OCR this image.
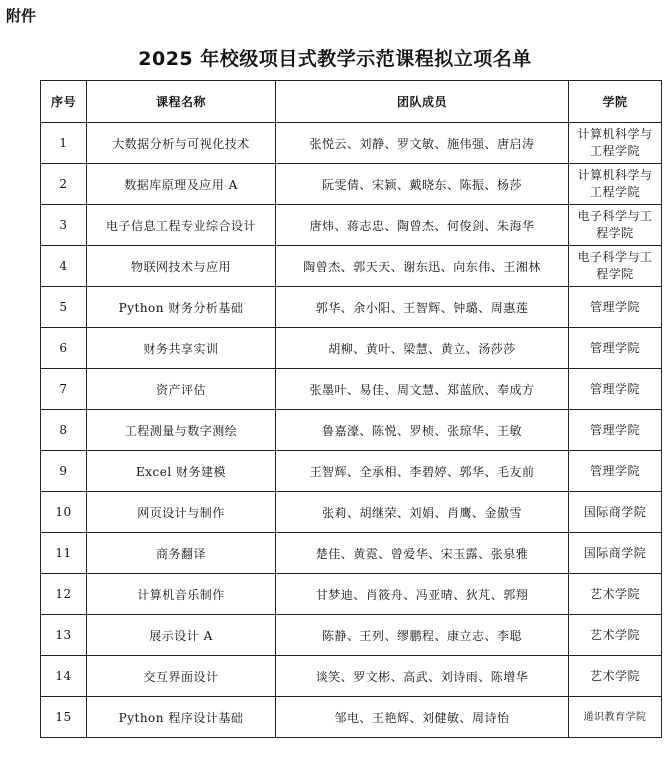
附件
2025 年校级项目式教学示范课程拟立项名单
序号	课程名称	团队成员	学院
1	大数据分析与可视化技术	张悦云、刘静、罗文敏、施伟强、唐启涛	计算机科学与工程学院
2	数据库原理及应用 A	阮雯倩、宋颖、戴晓东、陈振、杨莎	计算机科学与工程学院
3	电子信息工程专业综合设计	唐炜、蒋志忠、陶曾杰、何俊剑、朱海华	电子科学与工程学院
4	物联网技术与应用	陶曾杰、郭天天、谢东迅、向东伟、王湘林	电子科学与工程学院
5	Python 财务分析基础	郭华、余小阳、王智辉、钟璐、周惠莲	管理学院
6	财务共享实训	胡柳、黄叶、梁慧、黄立、汤莎莎	管理学院
7	资产评估	张墨叶、易佳、周文慧、郑蓝欣、奉成方	管理学院
8	工程测量与数字测绘	鲁嘉濠、陈悦、罗桢、张琼华、王敏	管理学院
9	Excel 财务建模	王智辉、全承相、李碧婷、郭华、毛友前	管理学院
10	网页设计与制作	张莉、胡继荣、刘娟、肖鹰、金傲雪	国际商学院
11	商务翻译	楚佳、黄霓、曾爱华、宋玉露、张泉雅	国际商学院
12	计算机音乐制作	甘梦迪、肖筱舟、冯亚晴、狄芃、郭翔	艺术学院
13	展示设计 A	陈静、王列、缪鹏程、康立志、李聪	艺术学院
14	交互界面设计	谈笑、罗文彬、高武、刘诗雨、陈增华	艺术学院
15	Python 程序设计基础	邹电、王艳辉、刘健敏、周诗怡	通识教育学院
